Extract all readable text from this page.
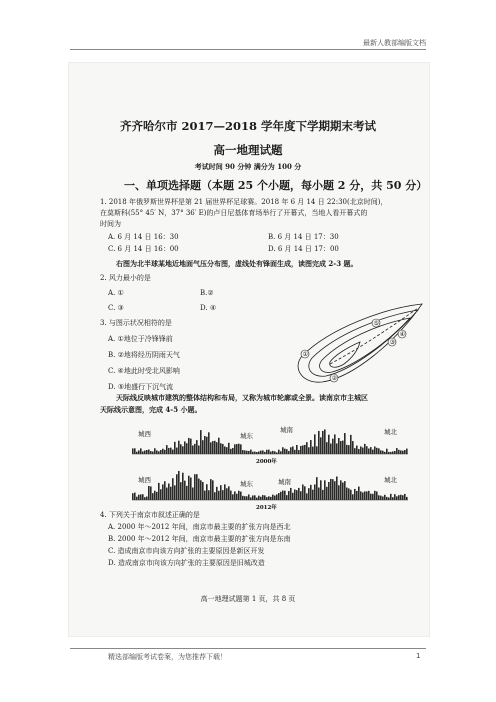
最新人教部编版文档
齐齐哈尔市 2017—2018 学年度下学期期末考试
高一地理试题
考试时间 90 分钟 满分为 100 分
一、单项选择题（本题 25 个小题，每小题 2 分，共 50 分）
1. 2018 年俄罗斯世界杯是第 21 届世界杯足球赛。2018 年 6 月 14 日 22:30(北京时间)，
在莫斯科(55° 45′ N，37° 36′ E)的卢日尼基体育场举行了开幕式，当地人看开幕式的
时间为
A. 6 月 14 日 16：30	B. 6 月 14 日 17：30
C. 6 月 14 日 16：00	D. 6 月 14 日 17：00
右图为北半球某地近地面气压分布图，虚线处有锋面生成，读图完成 2-3 题。
2. 风力最小的是
A. ①	B.②
C. ③	D. ④
3. 与图示状况相符的是
A. ①地位于冷锋锋前
B. ②地将经历阴雨天气
C. ④地此时受北风影响
D. ⑤地盛行下沉气流
①
②
③
④
⑤
天际线反映城市建筑的整体结构和布局，又称为城市轮廓或全景。读南京市主城区
天际线示意图，完成 4-5 小题。
城西	城东
城南	城北
2000年
城西	城东	城南	城北
2012年
4. 下列关于南京市叙述正确的是
A. 2000 年～2012 年间，南京市最主要的扩张方向是西北
B. 2000 年～2012 年间，南京市最主要的扩张方向是东南
C. 造成南京市向该方向扩张的主要原因是新区开发
D. 造成南京市向该方向扩张的主要原因是旧城改造
高一地理试题第 1 页，共 8 页
精选部编版考试卷案，为您推荐下载！	1
